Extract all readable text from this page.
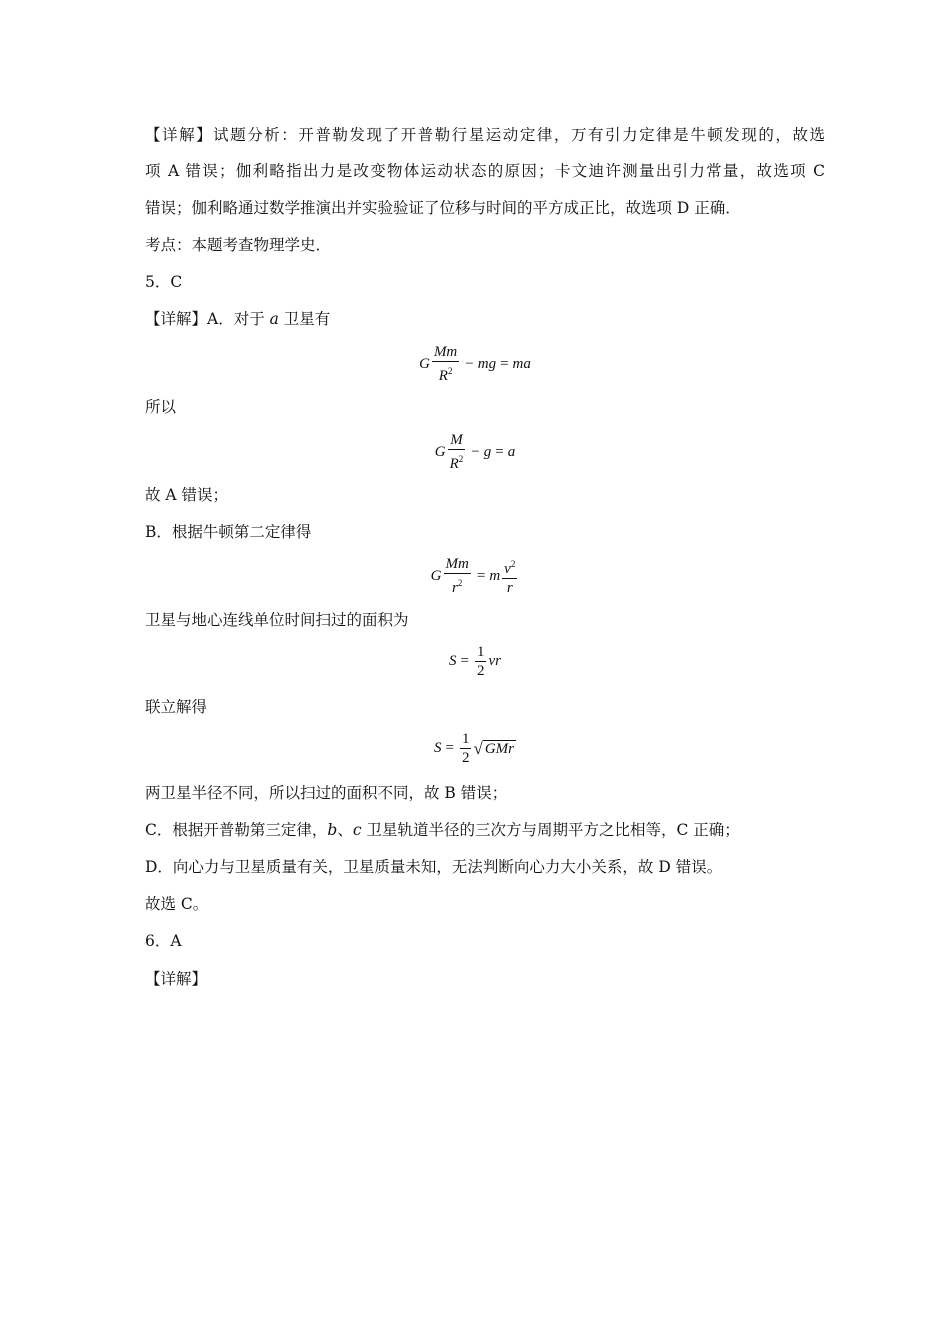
【详解】试题分析：开普勒发现了开普勒行星运动定律，万有引力定律是牛顿发现的，故选
项 A 错误；伽利略指出力是改变物体运动状态的原因；卡文迪许测量出引力常量，故选项 C
错误；伽利略通过数学推演出并实验验证了位移与时间的平方成正比，故选项 D 正确．
考点：本题考查物理学史．
5．C
【详解】A．对于 a 卫星有
G $\frac{Mm}{R^2}$ − mg = ma
所以
G $\frac{M}{R^2} - g = a$
故 A 错误；
B．根据牛顿第二定律得
G $\frac{Mm}{r^2} = m \frac{v^2}{r}$
卫星与地心连线单位时间扫过的面积为
$S = \frac{1}{2}$ vr
联立解得
$S = \frac{1}{2}$ √ GMr
两卫星半径不同，所以扫过的面积不同，故 B 错误；
C．根据开普勒第三定律，b、c 卫星轨道半径的三次方与周期平方之比相等，C 正确；
D．向心力与卫星质量有关，卫星质量未知，无法判断向心力大小关系，故 D 错误。
故选 C。
6．A
【详解】
